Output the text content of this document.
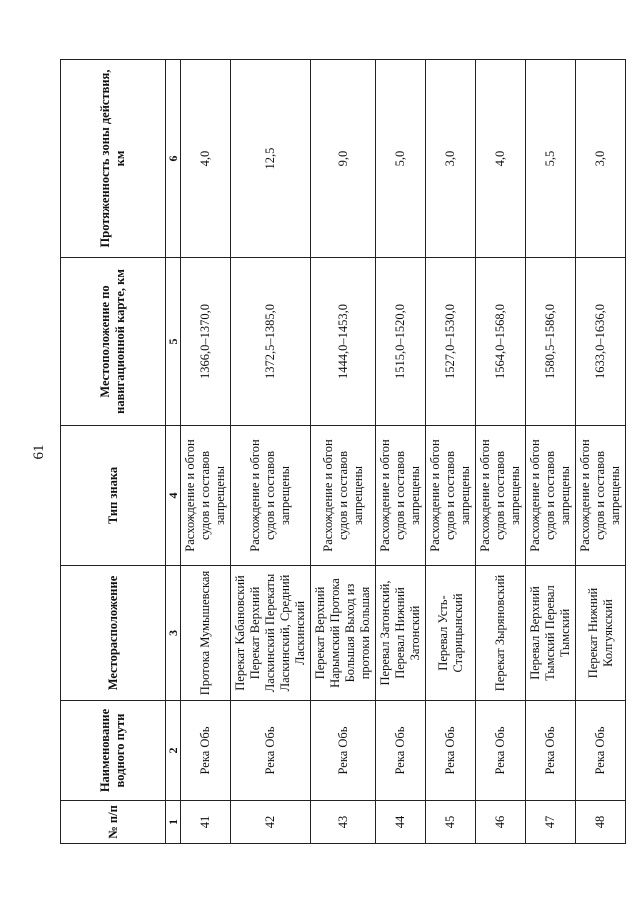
61
№ п/п	Наименование водного пути	Месторасположение	Тип знака	Местоположение по навигационной карте, км	Протяженность зоны действия, км
1	2	3	4	5	6
41	Река Обь	Протока Мумышевская	Расхождение и обгон судов и составов запрещены	1366,0–1370,0	4,0
42	Река Обь	Перекат Кабановский Перекат Верхний Ласкинский Перекаты Ласкинский, Средний Ласкинский	Расхождение и обгон судов и составов запрещены	1372,5–1385,0	12,5
43	Река Обь	Перекат Верхний Нарымский Протока Большая Выход из протоки Большая	Расхождение и обгон судов и составов запрещены	1444,0–1453,0	9,0
44	Река Обь	Перевал Затонский, Перевал Нижний Затонский	Расхождение и обгон судов и составов запрещены	1515,0–1520,0	5,0
45	Река Обь	Перевал Усть-Старицынский	Расхождение и обгон судов и составов запрещены	1527,0–1530,0	3,0
46	Река Обь	Перекат Зыряновский	Расхождение и обгон судов и составов запрещены	1564,0–1568,0	4,0
47	Река Обь	Перевал Верхний Тымский Перевал Тымский	Расхождение и обгон судов и составов запрещены	1580,5–1586,0	5,5
48	Река Обь	Перекат Нижний Колгуякский	Расхождение и обгон судов и составов запрещены	1633,0–1636,0	3,0
